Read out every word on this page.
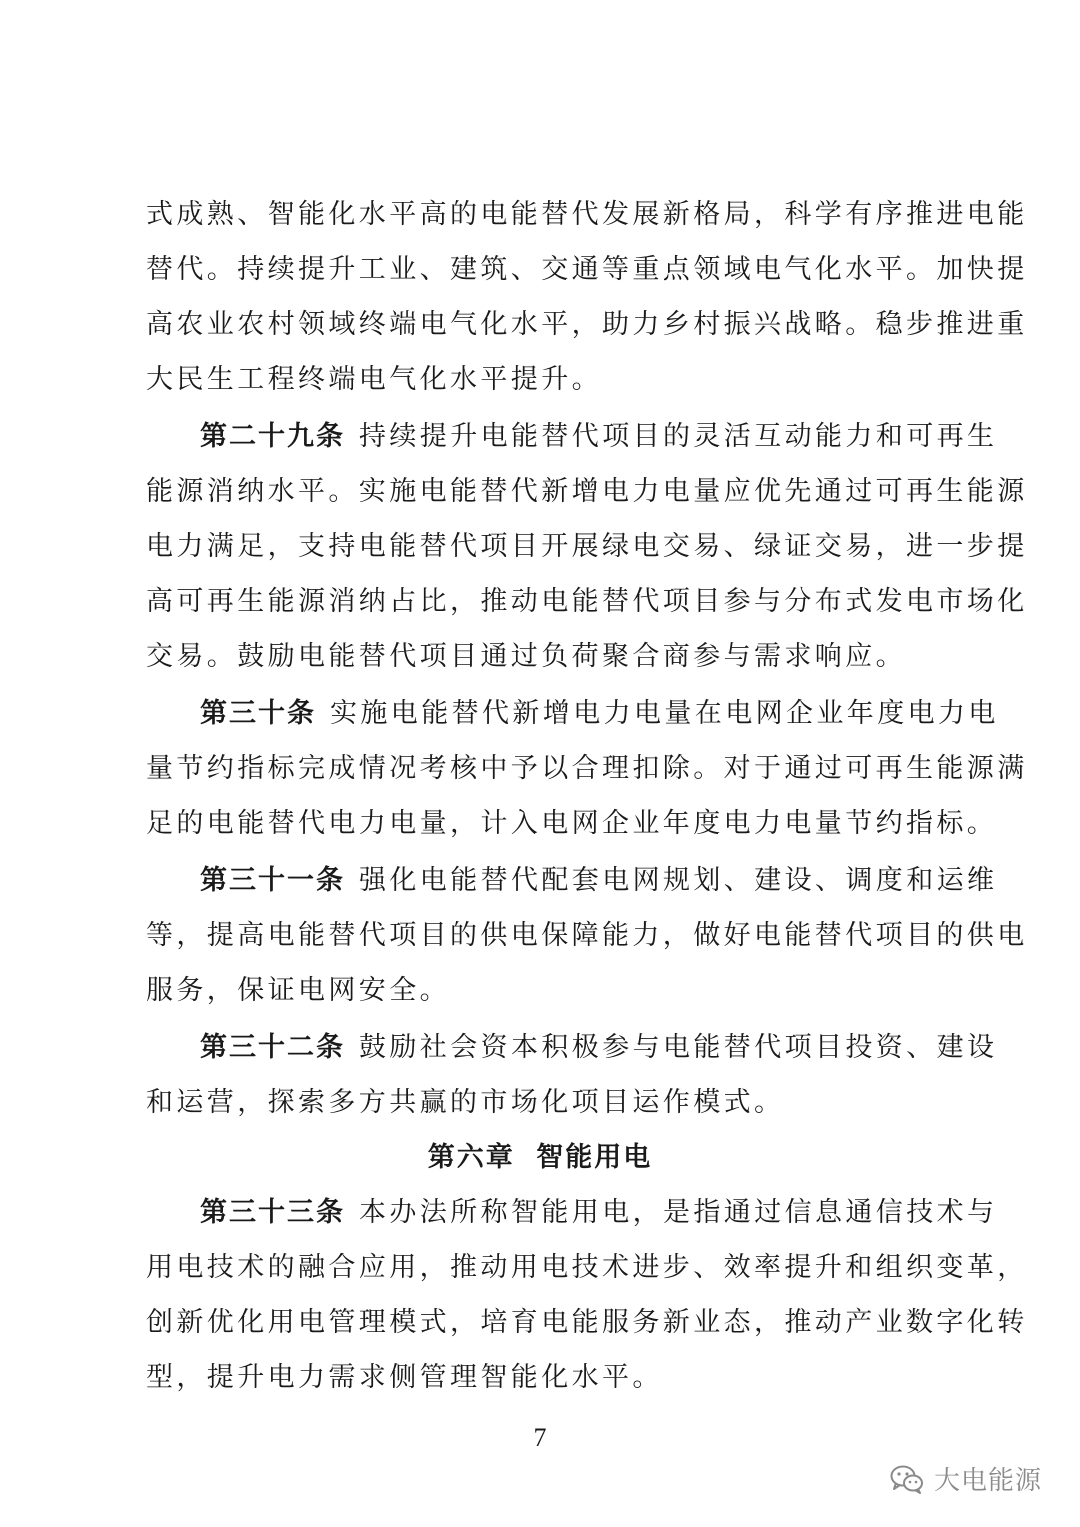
式成熟、智能化水平高的电能替代发展新格局，科学有序推进电能
替代。持续提升工业、建筑、交通等重点领域电气化水平。加快提
高农业农村领域终端电气化水平，助力乡村振兴战略。稳步推进重
大民生工程终端电气化水平提升。
第二十九条 持续提升电能替代项目的灵活互动能力和可再生
能源消纳水平。实施电能替代新增电力电量应优先通过可再生能源
电力满足，支持电能替代项目开展绿电交易、绿证交易，进一步提
高可再生能源消纳占比，推动电能替代项目参与分布式发电市场化
交易。鼓励电能替代项目通过负荷聚合商参与需求响应。
第三十条 实施电能替代新增电力电量在电网企业年度电力电
量节约指标完成情况考核中予以合理扣除。对于通过可再生能源满
足的电能替代电力电量，计入电网企业年度电力电量节约指标。
第三十一条 强化电能替代配套电网规划、建设、调度和运维
等，提高电能替代项目的供电保障能力，做好电能替代项目的供电
服务，保证电网安全。
第三十二条 鼓励社会资本积极参与电能替代项目投资、建设
和运营，探索多方共赢的市场化项目运作模式。
第六章 智能用电
第三十三条 本办法所称智能用电，是指通过信息通信技术与
用电技术的融合应用，推动用电技术进步、效率提升和组织变革，
创新优化用电管理模式，培育电能服务新业态，推动产业数字化转
型，提升电力需求侧管理智能化水平。
7
大电能源
